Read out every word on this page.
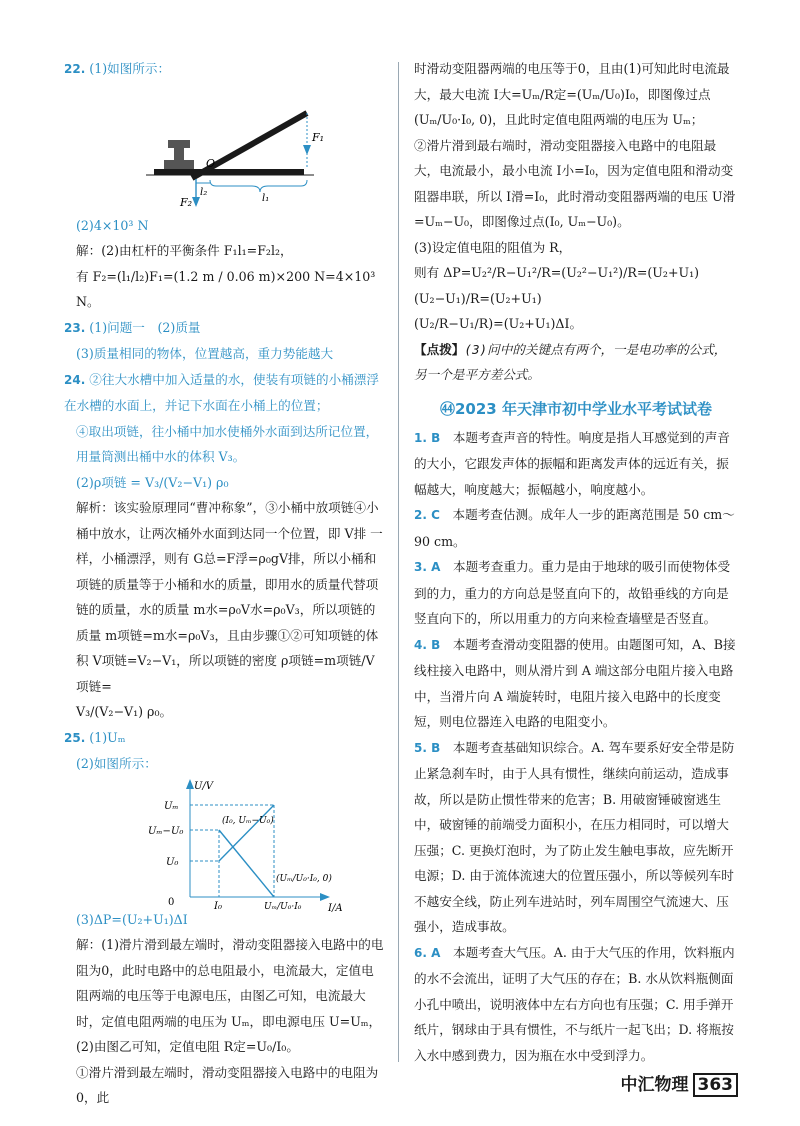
22. (1)如图所示：

O
F₁
F₂
l₂
l₁

(2)4×10³ N

解：(2)由杠杆的平衡条件 F₁l₁=F₂l₂，

有 F₂=(l₁/l₂)F₁=(1.2 m / 0.06 m)×200 N=4×10³ N。

23. (1)问题一　(2)质量

(3)质量相同的物体，位置越高，重力势能越大

24. ②往大水槽中加入适量的水，使装有项链的小桶漂浮在水槽的水面上，并记下水面在小桶上的位置；

④取出项链，往小桶中加水使桶外水面到达所记位置，用量筒测出桶中水的体积 V₃。

(2)ρ项链 = V₃/(V₂−V₁) ρ₀

解析：该实验原理同“曹冲称象”，③小桶中放项链④小桶中放水，让两次桶外水面到达同一个位置，即 V排 一样，小桶漂浮，则有 G总=F浮=ρ₀gV排，所以小桶和项链的质量等于小桶和水的质量，即用水的质量代替项链的质量，水的质量 m水=ρ₀V水=ρ₀V₃，所以项链的质量 m项链=m水=ρ₀V₃，且由步骤①②可知项链的体积 V项链=V₂−V₁，所以项链的密度 ρ项链=m项链/V项链=

V₃/(V₂−V₁) ρ₀。

25. (1)Uₘ

(2)如图所示：

U/V
I/A
0
Uₘ
Uₘ−U₀
U₀
(I₀, Uₘ−U₀)
(Uₘ/U₀·I₀, 0)
I₀	Uₘ/U₀·I₀

(3)ΔP=(U₂+U₁)ΔI

解：(1)滑片滑到最左端时，滑动变阻器接入电路中的电阻为0，此时电路中的总电阻最小，电流最大，定值电阻两端的电压等于电源电压，由图乙可知，电流最大时，定值电阻两端的电压为 Uₘ，即电源电压 U=Uₘ，

(2)由图乙可知，定值电阻 R定=U₀/I₀。

①滑片滑到最左端时，滑动变阻器接入电路中的电阻为0，此

时滑动变阻器两端的电压等于0，且由(1)可知此时电流最大，最大电流 I大=Uₘ/R定=(Uₘ/U₀)I₀，即图像过点(Uₘ/U₀·I₀, 0)，且此时定值电阻两端的电压为 Uₘ；

②滑片滑到最右端时，滑动变阻器接入电路中的电阻最大，电流最小，最小电流 I小=I₀，因为定值电阻和滑动变阻器串联，所以 I滑=I₀，此时滑动变阻器两端的电压 U滑=Uₘ−U₀，即图像过点(I₀, Uₘ−U₀)。

(3)设定值电阻的阻值为 R，

则有 ΔP=U₂²/R−U₁²/R=(U₂²−U₁²)/R=(U₂+U₁)(U₂−U₁)/R=(U₂+U₁)

(U₂/R−U₁/R)=(U₂+U₁)ΔI。

【点拨】(3)问中的关键点有两个，一是电功率的公式，另一个是平方差公式。

㊹2023 年天津市初中学业水平考试试卷

1. B　 本题考查声音的特性。响度是指人耳感觉到的声音的大小，它跟发声体的振幅和距离发声体的远近有关，振幅越大，响度越大；振幅越小，响度越小。

2. C　 本题考查估测。成年人一步的距离范围是 50 cm～90 cm。

3. A　 本题考查重力。重力是由于地球的吸引而使物体受到的力，重力的方向总是竖直向下的，故铅垂线的方向是竖直向下的，所以用重力的方向来检查墙壁是否竖直。

4. B　 本题考查滑动变阻器的使用。由题图可知，A、B接线柱接入电路中，则从滑片到 A 端这部分电阻片接入电路中，当滑片向 A 端旋转时，电阻片接入电路中的长度变短，则电位器连入电路的电阻变小。

5. B　 本题考查基础知识综合。A. 驾车要系好安全带是防止紧急刹车时，由于人具有惯性，继续向前运动，造成事故，所以是防止惯性带来的危害；B. 用破窗锤破窗逃生中，破窗锤的前端受力面积小，在压力相同时，可以增大压强；C. 更换灯泡时，为了防止发生触电事故，应先断开电源；D. 由于流体流速大的位置压强小，所以等候列车时不越安全线，防止列车进站时，列车周围空气流速大、压强小，造成事故。

6. A　 本题考查大气压。A. 由于大气压的作用，饮料瓶内的水不会流出，证明了大气压的存在；B. 水从饮料瓶侧面小孔中喷出，说明液体中左右方向也有压强；C. 用手弹开纸片，钢球由于具有惯性，不与纸片一起飞出；D. 将瓶按入水中感到费力，因为瓶在水中受到浮力。

中汇物理 363
